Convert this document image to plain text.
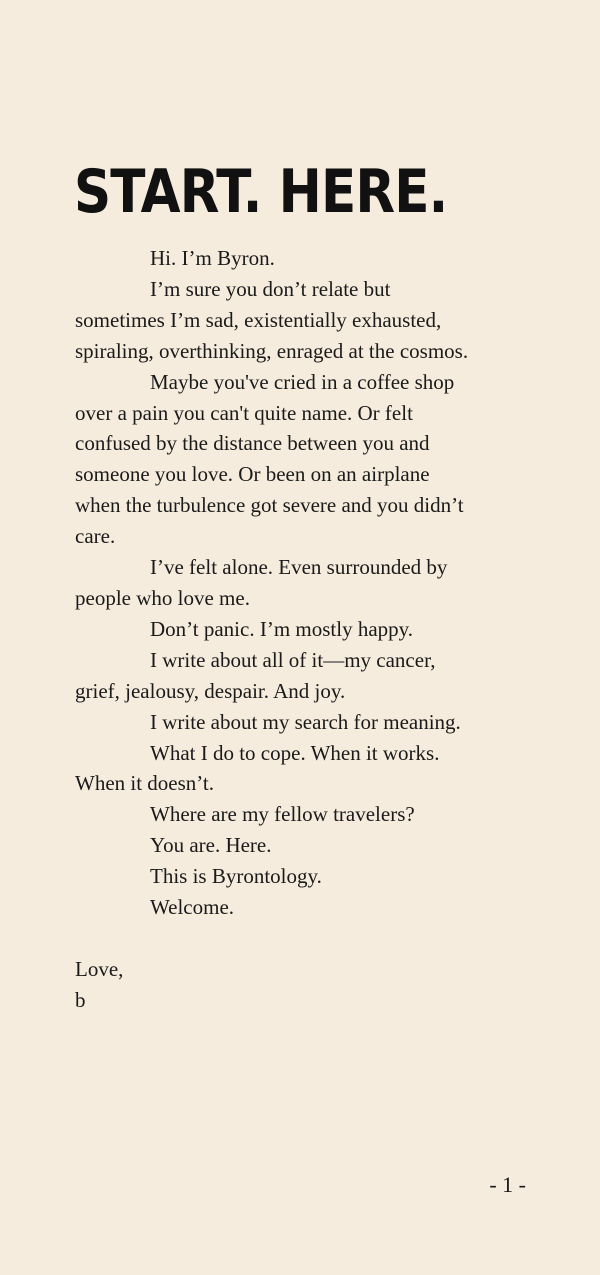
START. HERE.

Hi. I’m Byron.

I’m sure you don’t relate but

sometimes I’m sad, existentially exhausted,

spiraling, overthinking, enraged at the cosmos.

Maybe you've cried in a coffee shop

over a pain you can't quite name. Or felt

confused by the distance between you and

someone you love. Or been on an airplane

when the turbulence got severe and you didn’t

care.

I’ve felt alone. Even surrounded by

people who love me.

Don’t panic. I’m mostly happy.

I write about all of it—my cancer,

grief, jealousy, despair. And joy.

I write about my search for meaning.

What I do to cope. When it works.

When it doesn’t.

Where are my fellow travelers?

You are. Here.

This is Byrontology.

Welcome.

Love,

b

- 1 -
